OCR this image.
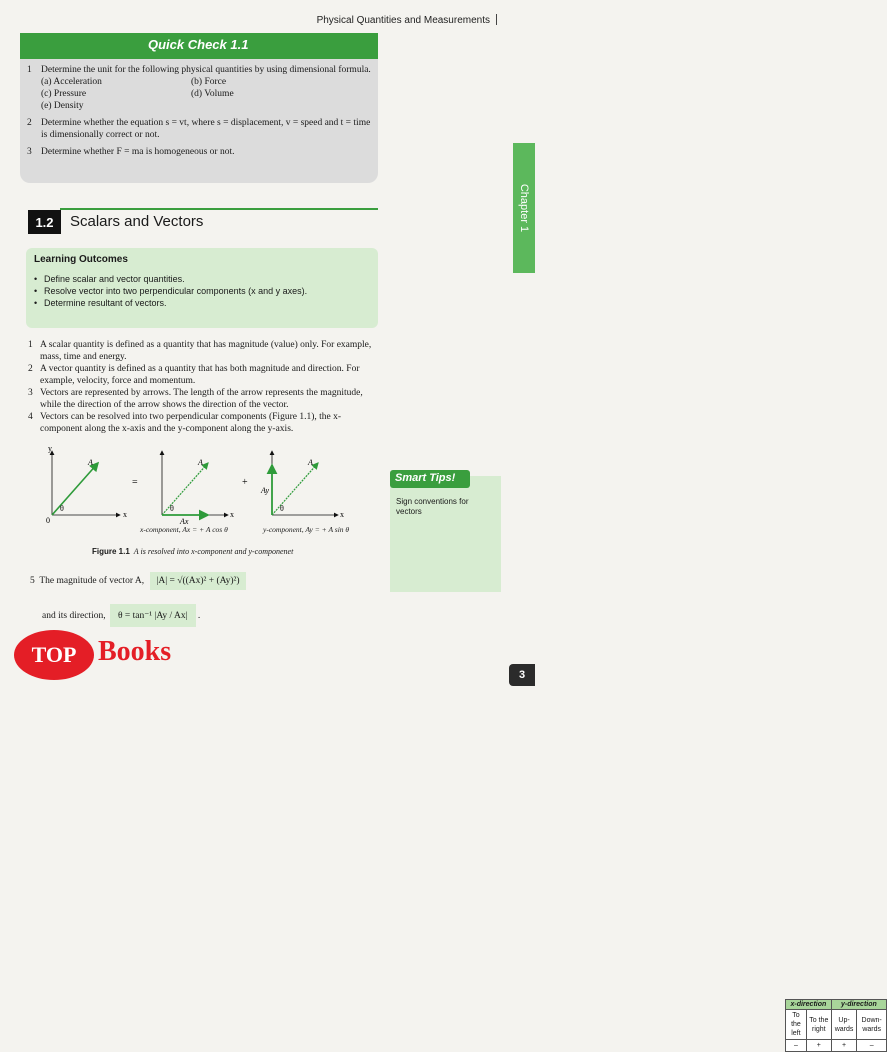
Physical Quantities and Measurements
Chapter 1
Quick Check 1.1
1 Determine the unit for the following physical quantities by using dimensional formula.
(a) Acceleration	(b) Force
(c) Pressure	(d) Volume
(e) Density
2 Determine whether the equation s = vt, where s = displacement, v = speed and t = time is dimensionally correct or not.
3 Determine whether F = ma is homogeneous or not.
1.2	Scalars and Vectors
Learning Outcomes
• Define scalar and vector quantities.
• Resolve vector into two perpendicular components (x and y axes).
• Determine resultant of vectors.
1 A scalar quantity is defined as a quantity that has magnitude (value) only. For example, mass, time and energy.
2 A vector quantity is defined as a quantity that has both magnitude and direction. For example, velocity, force and momentum.
3 Vectors are represented by arrows. The length of the arrow represents the magnitude, while the direction of the arrow shows the direction of the vector.
4 Vectors can be resolved into two perpendicular components (Figure 1.1), the x-component along the x-axis and the y-component along the y-axis.
y
x
0
θ
A
=
θ
A
Ax
x
+
θ
A
Ay
x
x-component, Ax = + A cos θ	y-component, Ay = + A sin θ
Figure 1.1 A is resolved into x-component and y-componenet
5 The magnitude of vector A, |A| = √((Ax)² + (Ay)²)
and its direction, θ = tan⁻¹ |Ay / Ax| .
Smart Tips!
Sign conventions for vectors
x-direction		y-direction	
To the left	To the right	Up-wards	Down-wards
–	+	+	–
TOP Books
3
